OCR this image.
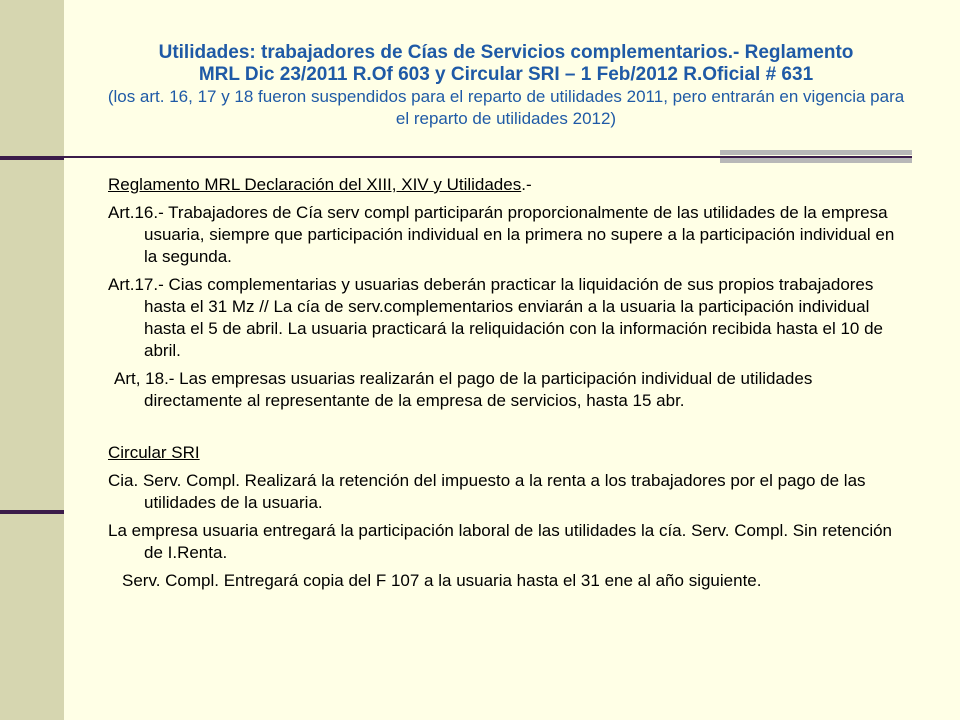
Utilidades: trabajadores de Cías de Servicios complementarios.- Reglamento
MRL Dic 23/2011 R.Of 603 y Circular SRI – 1 Feb/2012 R.Oficial # 631
(los art. 16, 17 y 18 fueron suspendidos para el reparto de utilidades 2011, pero entrarán en vigencia para el reparto de utilidades 2012)

Reglamento MRL Declaración del XIII, XIV y Utilidades.-

Art.16.- Trabajadores de Cía serv compl participarán proporcionalmente de las utilidades de la empresa usuaria, siempre que participación individual en la primera no supere a la participación individual en la segunda.

Art.17.- Cias complementarias y usuarias deberán practicar la liquidación de sus propios trabajadores hasta el 31 Mz // La cía de serv.complementarios enviarán a la usuaria la participación individual hasta el 5 de abril. La usuaria practicará la reliquidación con la información recibida hasta el 10 de abril.

Art, 18.- Las empresas usuarias realizarán el pago de la participación individual de utilidades directamente al representante de la empresa de servicios, hasta 15 abr.

Circular SRI

Cia. Serv. Compl. Realizará la retención del impuesto a la renta a los trabajadores por el pago de las utilidades de la usuaria.

La empresa usuaria entregará la participación laboral de las utilidades la cía. Serv. Compl. Sin retención de I.Renta.

Serv. Compl. Entregará copia del F 107 a la usuaria hasta el 31 ene al año siguiente.
